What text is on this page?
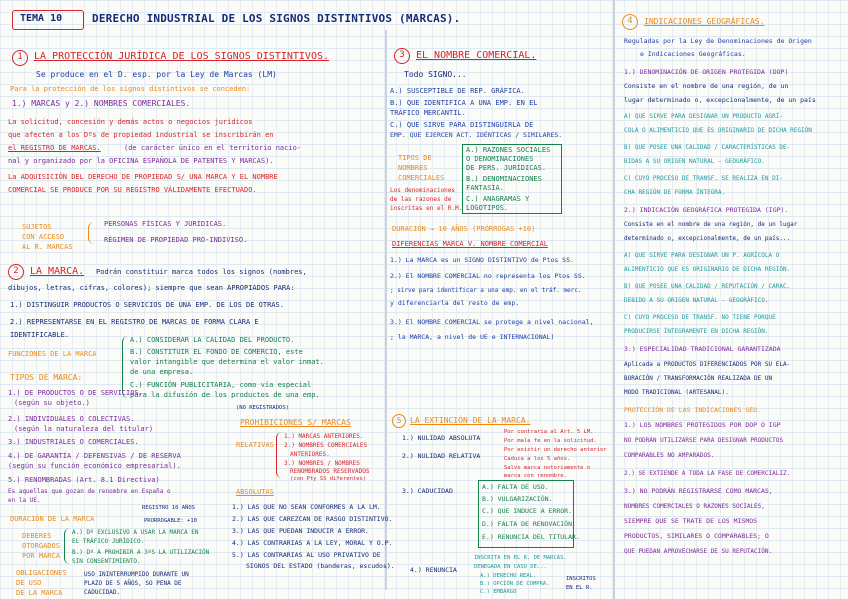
TEMA 10	DERECHO INDUSTRIAL DE LOS SIGNOS DISTINTIVOS (MARCAS).
1	LA PROTECCIÓN JURÍDICA DE LOS SIGNOS DISTINTIVOS.
Se produce en el D. esp. por la Ley de Marcas (LM)
Para la protección de los signos distintivos se conceden:
1.) MARCAS y 2.) NOMBRES COMERCIALES.
La solicitud, concesión y demás actos o negocios jurídicos
que afecten a los Dºs de propiedad industrial se inscribirán en
el REGISTRO DE MARCAS.	(de carácter único en el territorio nacio-
nal y organizado por la OFICINA ESPAÑOLA DE PATENTES Y MARCAS).
La ADQUISICIÓN DEL DERECHO DE PROPIEDAD S/ UNA MARCA Y EL NOMBRE
COMERCIAL SE PRODUCE POR SU REGISTRO VÁLIDAMENTE EFECTUADO.
SUJETOS
CON ACCESO
AL R. MARCAS
PERSONAS FÍSICAS Y JURÍDICAS.
RÉGIMEN DE PROPIEDAD PRO-INDIVISO.
2	LA MARCA. Podrán constituir marca todos los signos (nombres,
dibujos, letras, cifras, colores); siempre que sean APROPIADOS PARA:
1.) DISTINGUIR PRODUCTOS O SERVICIOS DE UNA EMP. DE LOS DE OTRAS.
2.) REPRESENTARSE EN EL REGISTRO DE MARCAS DE FORMA CLARA E
IDENTIFICABLE.
FUNCIONES DE LA MARCA
A.) CONSIDERAR LA CALIDAD DEL PRODUCTO.
B.) CONSTITUIR EL FONDO DE COMERCIO, este
valor intangible que determina el valor inmat.
de una empresa.
C.) FUNCIÓN PUBLICITARIA, como vía especial
para la difusión de los productos de una emp.
(NO REGISTRADOS)
TIPOS DE MARCA:
1.) DE PRODUCTOS O DE SERVICIOS.
(según su objeto.)
2.) INDIVIDUALES O COLECTIVAS.
(según la naturaleza del titular)
3.) INDUSTRIALES O COMERCIALES.
4.) DE GARANTÍA / DEFENSIVAS / DE RESERVA
(según su función económico empresarial).
5.) RENOMBRADAS (Art. 8.1 Directiva)
Es aquellas que gozan de renombre en España o
en la UE.
DURACIÓN DE LA MARCA
REGISTRO 10 AÑOS
PRORROGABLE: +10
DEBERES
OTORGADOS
POR MARCA
A.) Dº EXCLUSIVO A USAR LA MARCA EN
EL TRÁFICO JURÍDICO.
B.) Dº A PROHIBIR A 3ºS LA UTILIZACIÓN
SIN CONSENTIMIENTO.
OBLIGACIONES
DE USO
DE LA MARCA
USO ININTERRUMPIDO DURANTE UN
PLAZO DE 5 AÑOS, SO PENA DE
CADUCIDAD.
3	EL NOMBRE COMERCIAL.
Todo SIGNO...
A.) SUSCEPTIBLE DE REP. GRÁFICA.
B.) QUE IDENTIFICA A UNA EMP. EN EL
TRÁFICO MERCANTIL.
C.) QUE SIRVE PARA DISTINGUIRLA DE
EMP. QUE EJERCEN ACT. IDÉNTICAS / SIMILARES.
TIPOS DE
NOMBRES
COMERCIALES
Los denominaciones
de las razones de
inscritas en el R.M.
A.) RAZONES SOCIALES
O DENOMINACIONES
DE PERS. JURÍDICAS.
B.) DENOMINACIONES
FANTASÍA.
C.) ANAGRAMAS Y
LOGOTIPOS.
DURACIÓN → 10 AÑOS (PRÓRROGAS +10)
DIFERENCIAS MARCA V. NOMBRE COMERCIAL
1.) La MARCA es un SIGNO DISTINTIVO de Ptos SS.
2.) El NOMBRE COMERCIAL no representa los Ptos SS.
; sirve para identificar a una emp. en el tráf. merc.
y diferenciarla del resto de emp.
3.) El NOMBRE COMERCIAL se protege a nivel nacional,
; la MARCA, a nivel de UE e INTERNACIONAL)
PROHIBICIONES S/ MARCAS
RELATIVAS
1.) MARCAS ANTERIORES.
2.) NOMBRES COMERCIALES
ANTERIORES.
3.) NOMBRES / NOMBRES
RENOMBRADOS RESERVADOS
(con Pty SS diferentes)
ABSOLUTAS
1.) LAS QUE NO SEAN CONFORMES A LA LM.
2.) LAS QUE CAREZCAN DE RASGO DISTINTIVO.
3.) LAS QUE PUEDAN INDUCIR A ERROR.
4.) LAS CONTRARIAS A LA LEY, MORAL Y O.P.
5.) LAS CONTRARIAS AL USO PRIVATIVO DE
SIGNOS DEL ESTADO (banderas, escudos).
5	LA EXTINCIÓN DE LA MARCA.
1.) NULIDAD ABSOLUTA
Por contraria al Art. 5 LM.
Por mala fe en la solicitud.
2.) NULIDAD RELATIVA
Por existir un derecho anterior
Caduca a los 5 años.
Salvo marca notoriamente o
marca con renombre.
3.) CADUCIDAD	A.) FALTA DE USO.
B.) VULGARIZACIÓN.
C.) QUE INDUCE A ERROR.
D.) FALTA DE RENOVACIÓN.
E.) RENUNCIA DEL TITULAR.
4.) RENUNCIA
INSCRITA EN EL R. DE MARCAS.
DENEGADA EN CASO DE...
A.) DERECHO REAL.
B.) OPCIÓN DE COMPRA.
C.) EMBARGO
INSCRITOS
EN EL R.
4	INDICACIONES GEOGRÁFICAS.
Reguladas por la Ley de Denominaciones de Origen
e Indicaciones Geográficas.
1.) DENOMINACIÓN DE ORIGEN PROTEGIDA (DOP)
Consiste en el nombre de una región, de un
lugar determinado o, excepcionalmente, de un país
A) QUE SIRVE PARA DESIGNAR UN PRODUCTO AGRÍ-
COLA O ALIMENTICIO QUE ES ORIGINARIO DE DICHA REGIÓN
B) QUE POSEE UNA CALIDAD / CARACTERÍSTICAS DE-
BIDAS A SU ORIGEN NATURAL - GEOGRÁFICO.
C) CUYO PROCESO DE TRANSF. SE REALIZA EN DI-
CHA REGIÓN DE FORMA ÍNTEGRA.
2.) INDICACIÓN GEOGRÁFICA PROTEGIDA (IGP).
Consiste en el nombre de una región, de un lugar
determinado o, excepcionalmente, de un país...
A) QUE SIRVE PARA DESIGNAR UN P. AGRÍCOLA O
ALIMENTICIO QUE ES ORIGINARIO DE DICHA REGIÓN.
B) QUE POSEE UNA CALIDAD / REPUTACIÓN / CARAC.
DEBIDO A SU ORIGEN NATURAL - GEOGRÁFICO.
C) CUYO PROCESO DE TRANSF. NO TIENE PORQUÉ
PRODUCIRSE ÍNTEGRAMENTE EN DICHA REGIÓN.
3.) ESPECIALIDAD TRADICIONAL GARANTIZADA
Aplicada a PRODUCTOS DIFERENCIADOS POR SU ELA-
BORACIÓN / TRANSFORMACIÓN REALIZADA DE UN
MODO TRADICIONAL (ARTESANAL).
PROTECCIÓN DE LAS INDICACIONES GEO.
1.) LOS NOMBRES PROTEGIDOS POR DOP O IGP
NO PODRÁN UTILIZARSE PARA DESIGNAR PRODUCTOS
COMPARABLES NO AMPARADOS.
2.) SE EXTIENDE A TODA LA FASE DE COMERCIALIZ.
3.) NO PODRÁN REGISTRARSE COMO MARCAS,
NOMBRES COMERCIALES O RAZONES SOCIALES,
SIEMPRE QUE SE TRATE DE LOS MISMOS
PRODUCTOS, SIMILARES O COMPARABLES; O
QUE PUEDAN APROVECHARSE DE SU REPUTACIÓN.
